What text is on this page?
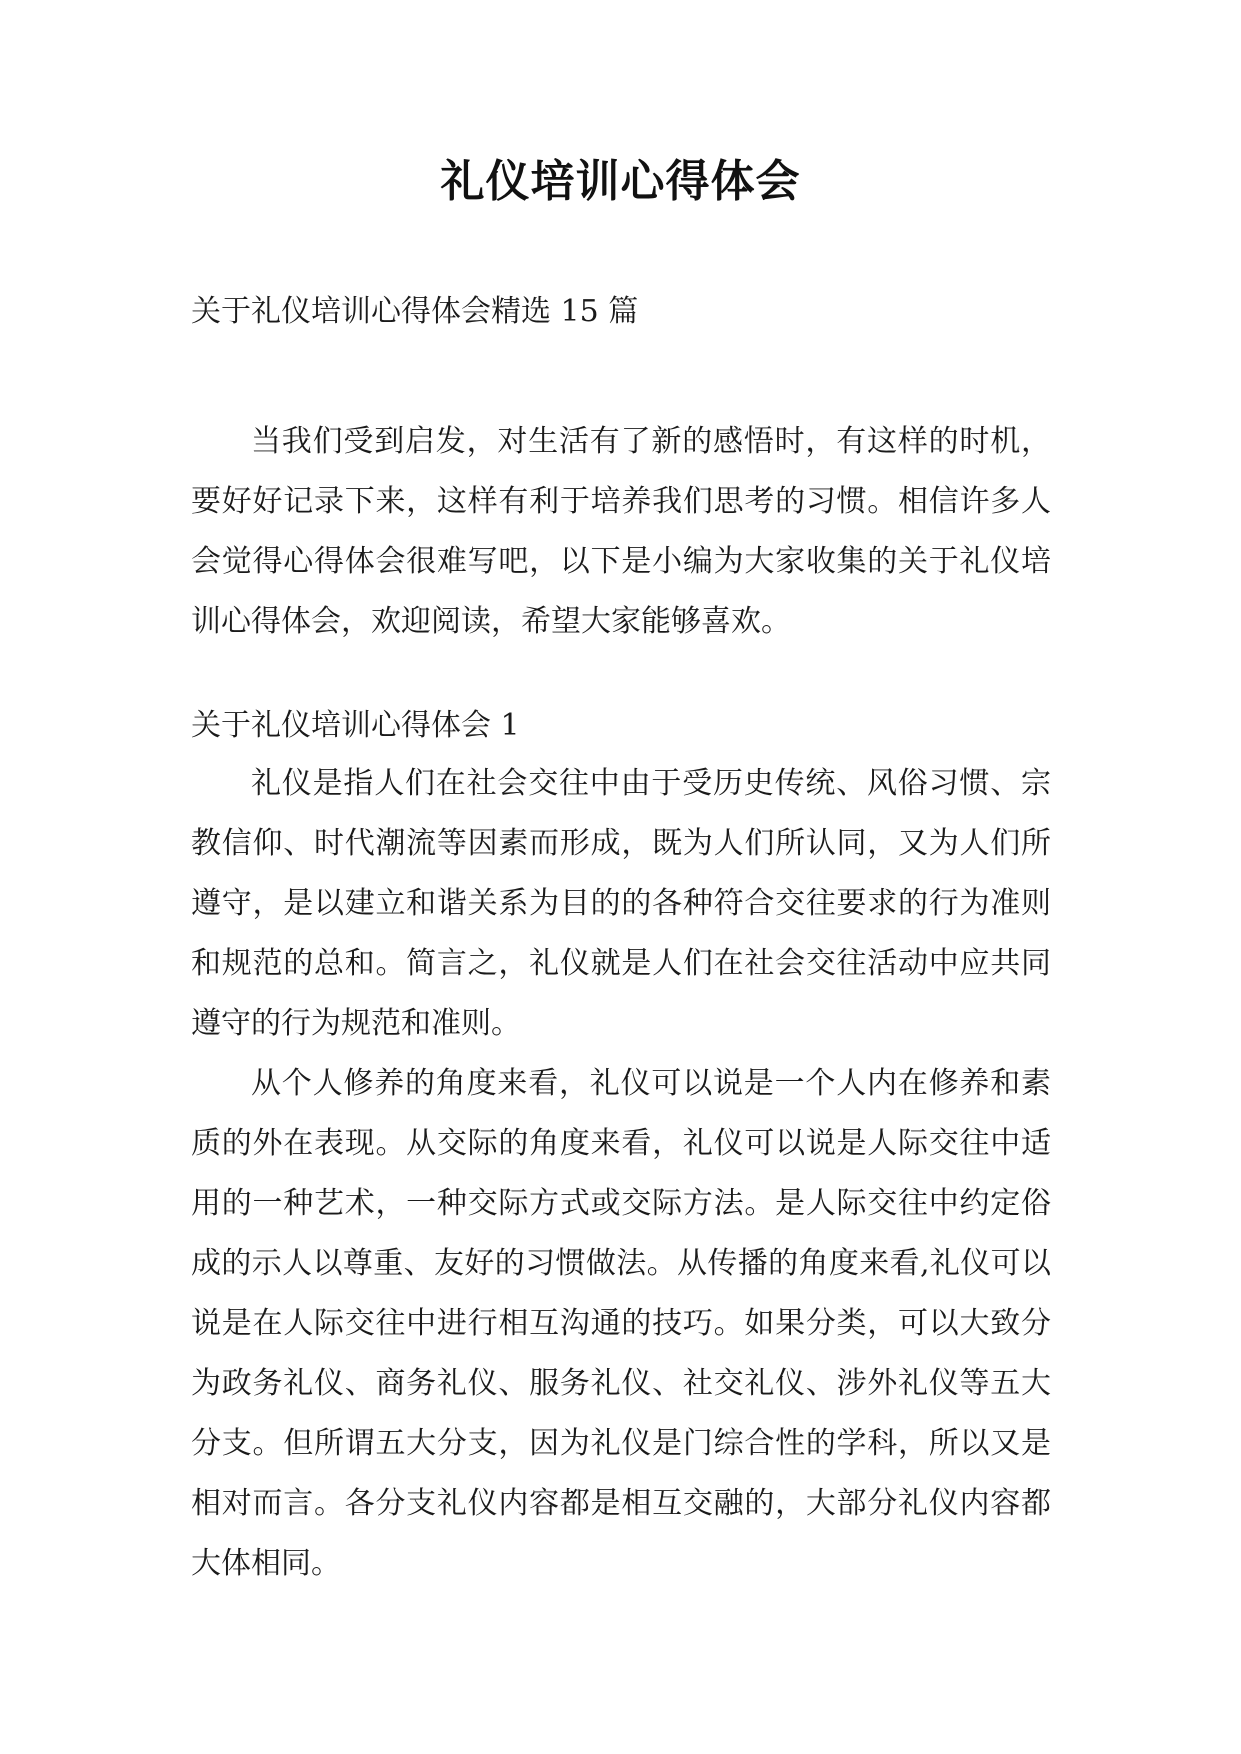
礼仪培训心得体会

关于礼仪培训心得体会精选 15 篇

当我们受到启发，对生活有了新的感悟时，有这样的时机，要好好记录下来，这样有利于培养我们思考的习惯。相信许多人会觉得心得体会很难写吧，以下是小编为大家收集的关于礼仪培训心得体会，欢迎阅读，希望大家能够喜欢。

关于礼仪培训心得体会 1

礼仪是指人们在社会交往中由于受历史传统、风俗习惯、宗教信仰、时代潮流等因素而形成，既为人们所认同，又为人们所遵守，是以建立和谐关系为目的的各种符合交往要求的行为准则和规范的总和。简言之，礼仪就是人们在社会交往活动中应共同遵守的行为规范和准则。

从个人修养的角度来看，礼仪可以说是一个人内在修养和素质的外在表现。从交际的角度来看，礼仪可以说是人际交往中适用的一种艺术，一种交际方式或交际方法。是人际交往中约定俗成的示人以尊重、友好的习惯做法。从传播的角度来看,礼仪可以说是在人际交往中进行相互沟通的技巧。如果分类，可以大致分为政务礼仪、商务礼仪、服务礼仪、社交礼仪、涉外礼仪等五大分支。但所谓五大分支，因为礼仪是门综合性的学科，所以又是相对而言。各分支礼仪内容都是相互交融的，大部分礼仪内容都大体相同。
